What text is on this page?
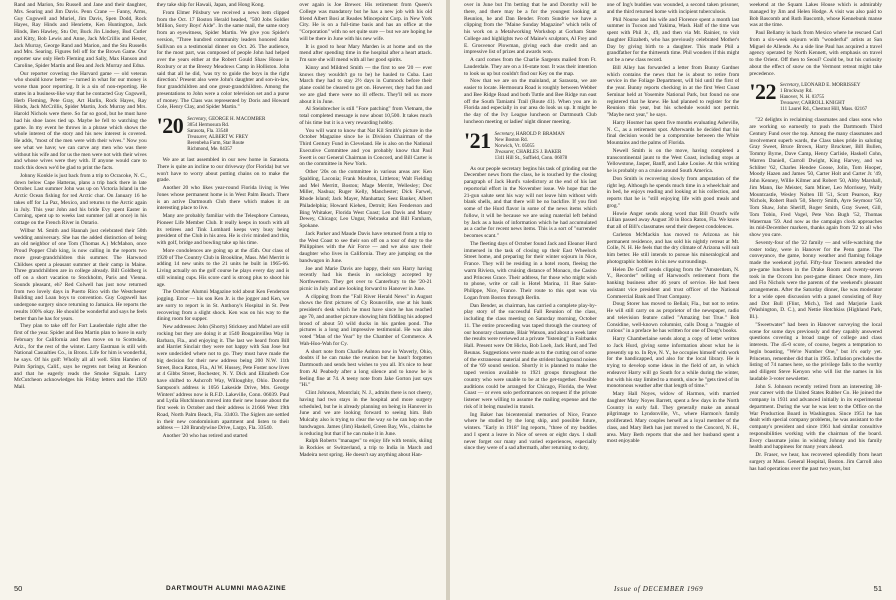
Rand and Marion, Stu Russell and Jane and their daughter, Mrs. Searing and Jim Davis. Penn Crane — Fanny, Arms, Guy Cogswell and Muriel, Jim Davis, Spen Dodd, Rock Hayes, Ray Hinds and Henriette, Ken Huntington, Jack Hinds, Ben Hawley, Stu Orr, Buck Jin Lindsey, Bud Cutler and Kitty, Bob Lewis and Anne, Jack McCrillis and Hester, Jack Murray, George Rand and Marion, and the Stu Russells and Mrs. Searing. Figures fell off for the Brown Game. Our reporter saw only Herb Fleming and Sally, Max Hanson and Caroline, Spider Martin and Bea and Jock Murray and Edna.

Our reporter covering the Harvard game — old veteran who should know better — turned in what for our money is worse than poor reporting. It is a sin of non-reporting. He states in a business-like way that he contacted Guy Cogswell, Herb Fleming, Pete Gray, Art Harlin, Rock Hayes, Ray Hinds, Jack McCrillis, Spider Martin, Jock Murray and Mrs. Harold Nichols were there. So far so good, but he must have had his shoe laces tied up. Maybe he fell to watching the game. In my event he throws in a phrase which shows the whole interest of the story and his new interest is covered. He adds, "most of the men were with their wives." Now you see what we have; we can carve any men who was there without his wife and for us the men were not with their wives and whose wives were they with. If anyone would care to track this down we'd be glad to print the facts.

Johnny Konkle is just back from a trip to Ocracoke, N. C., down below Cape Hatteras, plans a trip back there in late October. Last summer John was up on Victoria Island in the Arctic Ocean fishing for red Arctic char. On January 16 he takes off for La Paz, Mexico, and returns to the Arctic again in July. This year John and his bride Evy spent Easter in Corning, spent up to weeks last summer (all at once) in his cottage on the French River in Ontario.

Wilbur M. Smith and Hannah just celebrated their 50th wedding anniversary. She has the added distinction of being an old neighbor of one Tom (Thomas A.) McMahon, once Proud Popper Club king, is now calling in the reports two more great-grandchildren this summer. The Harwood Childses spent a pleasant summer at their camp in Maine. Three grandchildren are in college already. Bill Goldberg is off on a short vacation to Stockholm, Paris and Vienna. Sounds pleasant, eh? Red Colwell has just now returned from two lovely days in Puerto Rico with the Westchester Building and Loan boys to convention. Guy Cogswell has undergone surgery since returning to Jamaica. He reports the results 100% okay. He should be wonderful and says he feels better than he has for years.

They plan to take off for Fort Lauderdale right after the first of the year. Spider and Bea Martin plan to leave in early February for California and then move on to Scottsdale, Ariz., for the rest of the winter. Larry Eastman is still with National Casualties Co., in Bronx. Life for him is wonderful, he says. Of his golf: Wholly all all well. Slim Hamlen of Palm Springs, Calif., says he regrets not being at Reunion and that he eagerly reads the Smoke Signals. Larry McCutcheon acknowledges his Friday letters and the 1920 Mail.

they take ship for Hawaii, Japan, and Hong Kong.

From Elmer Pilsbury we received a news item clipped from the Oct. 17 Boston Herald headed, "500 Jobs Soldier Million, Sorry Boys' Aide". In the same mail, the same story from an eyewitness, Spider Martin. We give you Spider's version, "Three hundred community leaders honored John Sullivan on a testimonial dinner on Oct. 26. The audience, for the most part, was composed of people John had helped over the years either at the Robert Gould Shaw House in Roxbury or at the Breezy Meadows Camp in Holliston. John said that all he did, 'was try to guide the boys in the right direction.' Present also were John's daughter and son-in-law, four grandchildren and one great-grandchildren. Among the presentations to John were a color television set and a purse of money. The Class was represented by Doris and Howard Cole, Henry Clay, and Spider Martin."

'20 Secretary, GEORGE H. MACOMBER
3054 Hermosura Rd.
Sarasota, Fla. 33548
Treasurer, ALBERT W. FREY
Berenbeha Farm, Star Route
Richmond, Me. 04357

We are at last assembled in our new home in Sarasota. There is quite an incline to our driveway (for Florida) but we won't have to worry about putting chains on to make the grade.

Another 20 who likes year-round Florida living is Wes Jones whose permanent home is in West Palm Beach. There is an active Dartmouth Club there which makes it an interesting place to live.

Many are probably familiar with the Telesphore Comeau, Pioneer Life Member Club. It really keeps in touch with all its retirees and Tink Lombard keeps very busy being president of the Club in his area. He is civic minded and this, with golf, bridge and bowling take up his time.

More condolences are going up at the 45th. Our class of 1920 of The Country Club in Brookline, Mass. Mel Merritt is adding 14 new units to the 21 units he built in 1965-66. Living actually on the golf course he plays every day and is still winning cups. His score card is strong plus to shoot his age.

The October Alumni Magazine told about Ken Fenderson jogging. Error — his son Ken Jr. is the jogger and Ken, we are sorry to report is in St. Anthony's Hospital in St. Pete recovering from a slight shock. Ken was on his way to the dining room for supper.

New addresses: John (Shorty) Stickney and Mabel are still rocking but they are doing it at 1540 Bougainvillea Way in Barbara, Fla., and enjoying it. The last we heard from Bill and Harriet Sinclair they were not happy with San Jose but were undecided where not to go. They must have made the big decision for their new address being 200 N.W. 11th Street, Boca Raton, Fla., Al W. Hussey, Pete Foster now lives at 4 Gibbs Street, Rochester, N. Y. Dick and Elizabeth Coe have shifted to Ashcroft Way, Willoughby, Ohio. Dorothy Sampson's address is 1056 Lakeside Drive, Mrs. George Winters' address now is R.F.D. Lakeville, Conn. 06039. Paul and Lydia Hutchinson moved into their new house about the first week in October and their address is 21666 West 19th Road, North Palm Beach, Fla. 33403. The Siglers are settled in their new condominium apartment and listen to their address — 128 Brandywine Drive, Largo, Fla. 33540.

Another '20 who has retired and started

over again is Joe Brewer. His retirement from Queen's College was mandatory but he has a new job with his old friend Albert Bosi at Reades Mincepoint Corp. in New York City. He is on a full-time basis and has an office at the "Corporation" with no set quite sure — but we are hoping he will be there in June with his new wife.

It is good to hear Mary Marden is at home and on the mend after spending time in the hospital after a heart attack. I'm sure she will mend with all her good spirits.

Kinny and Mildred Smith — the first to see '20 — ever knows they wouldn't go to be) he hauled to Cuba. Last March they had to stay 2½ days in Cumnock before their plane could be cleared to get on. However, they had fun and we are glad there were no ill effects. They'll tell us more about it in June.

Al Steinbrecher is still "Fore patching" from Vietnam, the total completed message is now about 10,500. It takes much of his time but it is a very rewarding hobby.

You will want to know that Nat Kil Smith's picture in the October Magazine since he is Division Chairman of the Third Century Fund in Cleveland. He is also on the National Executive Committee and you probably know that Paul Swett is our General Chairman in Concord, and Bill Carter is on the committee in New York.

Other '20s on the committee in various areas are: Ken Spalding, Laconia; Frank Moulton, Littleton; Walt Fielding and Mel Merritt, Boston; Mage Merritt, Wellesley; Doc Miller, Nashua; Ruger Kelly, Manchester; Dick Farwel, Rhode Island; Jack Mayer, Manhattan; Seez Banker, Albert Philadelphia; Howard Kiehen, Detroit; Ken Fenderson and Bing Whitaker, Florida West Coast; Len Davis and Maury Dewey, Chicago; Leo Ungar, Nebraska and Bill Farnham, Spokane.

Jack Parker and Maude Davis have returned from a trip to the West Coast to see their son off on a tour of duty to the Philippines with the Air Force — and we also saw their daughter who lives in California. They are jumping on the bandwagon in June.

Joe and Marie Davis are happy, their son Harry having recently had his thesis in sociology accepted by Northwestern. They get over to Canterbury to the '20-21 picnic in July and are looking forward to Hanover in June.

A clipping from the "Fall River Herald News" in August shows the first pictures of Cy Rounsville, one at his bank president's desk which he must have since he has reached age 70, and another picture showing him fiddling his adopted brood of about 50 wild ducks in his garden pond. The pictures is a long and impressive testimonial. He was also voted "Man of the Year" by the Chamber of Commerce. A Wah-Hoo-Wah for Cy.

A short note from Charlie Ashton now in Waverly, Ohio, doubts if he can make the reunion but he hasn't forgotten Dartmouth and sends best wishes to you all. It's nice to hear from Al Peabody after a long silence and to know he is feeling fine at 74. A teeny note from Jake Gorton just says "Hi."

Clint Johnson, Montclair, N. J., admits there is not cheery, having had two stays in the hospital and more surgery scheduled, but he is already planning on being in Hanover in June and we are looking forward to seeing him. Bob Mulcahy also is trying to clear the way so he can hop on the bandwagon. James (Jim) Haskell, Green Bay, Wis., claims he is reducing but that if he can make it in June.

Ralph Roberts "manages" to enjoy life with tennis, skiing in Rockies or Switzerland, a trip to India in March and Madeira next spring. He doesn't say anything about Han-

50	DARTMOUTH ALUMNI MAGAZINE

over in June but I'm betting that he and Dorothy will be there, and there may be a for the youngest looking at Reunion, he and Dan Bender. From Sundrie we have a clipping from the "Maine Sunday Magazine" which tells of his work on a Metalworking Workshop at Gorham State College and highlights two of Maine's sculptors, Al Frey and E. Grosvenor Plowman, giving each due credit and an impressive list of prizes and awards won.

A card comes from the Charlie Sargents mailed from Ft. Lauderdale. They are on a 16-state tour. It was their intention to look us up but couldn't find our Key on the map.

Now that we are on the mainland, at Sarasota, we are easier to locate. Hermosura Road is roughly between Webber and Bee Ridge Road and both Tuttle and Bee Ridge run east off the South Tamiami Trail (Route 41). When you are in Florida and especially in our area do look us up. It might be the day of the Ivy League luncheon or Dartmouth Club luncheon meeting or ladies' night dinner meeting.

'21 Secretary, HAROLD P. BRAMAN
New Boston Rd.
Norwich, Vt. 05055
Treasurer, CHARLES J. BAKER
1341 Hill St., Suffield, Conn. 06078

As our people secretary begins his task of grinding out the December news from the class, he is touched by the closing paragraph of Jack Hurd's valedictory at the end of his last reportorial effort in the November issue. We hope that the 21-gun salute sent his way will not leave him without with blank shells, and that there will be no backfire. If you find some of the Hurd flavor in some of the news items which follow, it will be because we are using material left behind by Jack as a basis of information which he had accumulated as a cache for recent news items. This is a sort of "surrender becomes scant."

The fleeting days of October found Jack and Eleanor Hurd immersed in the task of closing up their East Wheelock Street home, and preparing for their winter sojourn in Nice, France. They will be residing in a hotel room, fleeing the warm Riviera, with cruising distance of Monaco, the Casino and Princess Grace. Their address, for those who might wish to phone, write or call is Hotel Marina, 11 Rue Saint-Philippe, Nice, France. Their route to this spot was via Logan from Boston through Berlin.

Dan Bender, as chairman, has carried a complete play-by-play story of the successful Fall Reunion of the class, including the class meeting on Saturday morning, October 11. The entire proceeding was taped through the courtesy of our honorary classmate, Blair Watson, and about a week later the results were reviewed at a private "listening" in Fairbanks Hall. Present were Ott Hicks, Bob Loeb, Jack Hurd, and Ted Reunas. Suggestions were made as to the cutting out of some of the extraneous material and the strident background noises of the '69 sound session. Shortly it is planned to make the taped version available to 1921 groups throughout the country who were unable to be at the get-together. Possible auditions could be arranged for Chicago, Florida, the West Coast — or even solo performances on request if the private listener were willing to assume the mailing expense and the risk of it being mauled in transit.

Ing Baker has bicentennial memories of Nice, France where he studied by the long ship, and possible future, winters. "Early in 1918" Ing reports, "three of my buddies and I spent a leave in Nice of seven or eight days. I shall never forget our many and varied experiences, especially since they were of a sad aftermath, after returning to duty,

one of Ing's buddies was wounded, a second taken prisoner, and the third returned home with incipient tuberculosis.

Phil Nourse and his wife and Florence spent a month last summer in Tucson and Yakima, Wash. Half of the time was spent with Phil Jr., 49, and then via Mt. Rainier, to visit daughter Elizabeth, who has previously celebrated Mother's Day by giving birth to a daughter. This made Phil a grandfather for the thirteenth time. Phil wonders if this might not be a new class record.

Bill Alley has forwarded a letter from Bunny Gardner which contains the news that he is about to retire from service in the Foliage Department, will bid until the first of the year. Bunny reports checking in at the first West Coast Seminar held at Yosemite National Park, but found no one registered that he knew. He had planned to register for the Reunion this year, but his schedule would not permit. "Maybe next year," he says.

Harry Hosmer has spent five months evaluating Asheville, N. C., as a retirement spot. Afterwards he decided that his final decision would be a compromise between the White Mountains and the palms of Florida.

Newell Smith is on the move, having completed a transcontinental jaunt to the West Coast, including stops at Yellowstone, Jasper, Banff, and Lake Louise. At this writing he is probably on a cruise around South America.

Don Smith is recovering slowly from amputation of the right leg. Although he spends much time in a wheelchair and in bed, he enjoys reading and looking at his collection, and reports that he is "still enjoying life with good meals and grog."

Howie Anger sends along word that Bill Ovard's wife Lillian passed away August 30 in Boca Raton, Fla. We know that all of Bill's classmates send their deepest condolences.

Carleton McMackin has moved to Arizona as his permanent residence, and has sold his nightly retreat at Mt. Colle, N. H. He feels that the dry climate of Arizona will suit him better. He still intends to pursue his mineralogical and photographic hobbies in his new surroundings.

Helen De Groff sends clipping from the "Amsterdam, N. Y., Recorder" telling of Harwood's retirement from the banking business after 46 years of service. He had been assistant vice president and trust officer of the National Commercial Bank and Trust Company.

Doug Storer has moved to Bellair, Fla., but not to retire. He will still carry on as proprietor of the newspaper, radio and television feature called "Amazing but True." Bob Considine, well-known columnist, calls Doug a "magpie of curious" in a preface he has written for one of Doug's books.

Harry Chamberlaine sends along a copy of letter written to Jack Hurd, giving some information about what he is presently up to. In Rye, N. Y., he occupies himself with work for the handicapped, and also for the local library. He is trying to develop some ideas in the field of art, in which endeavor Harry will go South for a while during the winter, but with his stay limited to a month, since he "gets tired of its monotonous weather after that length of time."

Mary Hall Noyes, widow of Harmon, with married daughter Mary Noyes Barrett, spent a few days in the North Country in early fall. They generally make an annual pilgrimage to Lyndonville, Vt., where Harmon's family proliferated. Mary couples herself as a loyal member of the class, and Mary Beth has just moved to the Concord, N. H., area. Mary Beth reports that she and her husband spent a most enjoyable

weekend at the Squam Lakes House which is admirably managed by Jim and Helen Hodge. A visit was also paid to Bob Bascomb and Ruth Bascomb, whose Kennebunk manse was at the time.

Paul Bellamy is back from Mexico where he rescued Carl from a six-week sojourn with "wonderful" artists at San Miguel de Allende. As a side line Paul has acquired a travel agency operated by North Kennett, with emphasis on travel to the Orient. Off then to Seoul? Could be, but his curiosity about the effect of snow on the Vermont retreat might take precedence.

'22 Secretary, LEONARD E. MORRISSEY
1 Brockway Rd.
Hanover, N. H. 03755
Treasurer, CARROLL KNIGHT
111 Laurel Rd., Chestnut Hill, Mass. 02167

"22 delights in reclaiming classmates and class sons who are working so earnestly to push the Dartmouth Third Century Fund over the top. Among the many classmates and involvement superb wards, the Class takes pride in saluting Gray Sweet, Bruce Brown, Harry Bruckner, Bill Bullen, Tommy Byrne, Dave Camp, Henry Carlisle, Haskell Cohn, Warren Daniell, Carroll Dwight, King Harvey, and wa Schliter '62, Charles Hendee Goose, Jolin, Tom Hooper, Moody Hazen and James '50, Carter Holt and Carter Jr. '49, John Kenney, Willie Kilmer and Robert '50, Abby Marshall, Jim Mann, Ike Meister, Sam Miner, Leo Morrissey, Wally Mountcastle, Wesley Nolten III '51, Scott Pearson, Ray Nichols, Robert Rush '50, Sherry Smith, Ayre Seymour '50, Tom Shaw, John Sheriff, Roger Smith, Gray Sweet, Gill, Tom Tobin, Fred Vogel, Pete Von Bugh '52, Thomas Waterman '59. And now as the campaign clock approaches its mid-December markers, thanks again from '22 to all who show you care.

Seventy-four of the '22 family — and wife-watching the roster today, were in Hanover for the Penn game. The conveyance, the game, bonny weather and flaming foliage made the weekend joyful. Fifty-four Towners attended the pre-game luncheon in the Drake Room and twenty-seven took in the Occom Inn post-game dinner. Once more, Jim and Flo Nichols were the parents of the weekend's pleasant arrangements. After the Saturday dinner, Ike was moderator for a wide open discussion with a panel consisting of Roy and Dot Bull (Flint, Mich.), Ted and Marjorie Lusk (Washington, D. C.), and Nettie Hotchkiss (Highland Park, Ill.).

"Sweetwater" had been in Hanover surveying the local scene for some days previously and they capably answered questions covering a broad range of college and class interests. The 45-0 score, of course, begets a temptation to begin boasting, "We're Number One," but it's early yet. Princeton, remember did that in 1965. Inflation precludes the listing of 74 names here, so the privilege falls to the worthy and diligent Steve Kenyon who will list the names in his laudable 3-voter newsletter.

John S. Johnson recently retired from an interesting 38-year career with the United States Rubber Co. He joined the company in 1931 and advanced initially in its experimental department. During the war he was lent to the Office on the War Production Board in Washington. Since 1951 he has dealt with special company problems, he was assistant to the company's president and since 1961 had similar consultive responsibilities working with the chairman of the board. Every classmate joins in wishing Johnny and his family health and happiness for many years ahead.

Dr. Fraser, we hear, has recovered splendidly from heart surgery at Mass. General Hospital, Boston. Jim Carroll also has had operations over the past two years, but

Issue of DECEMBER 1969	51
